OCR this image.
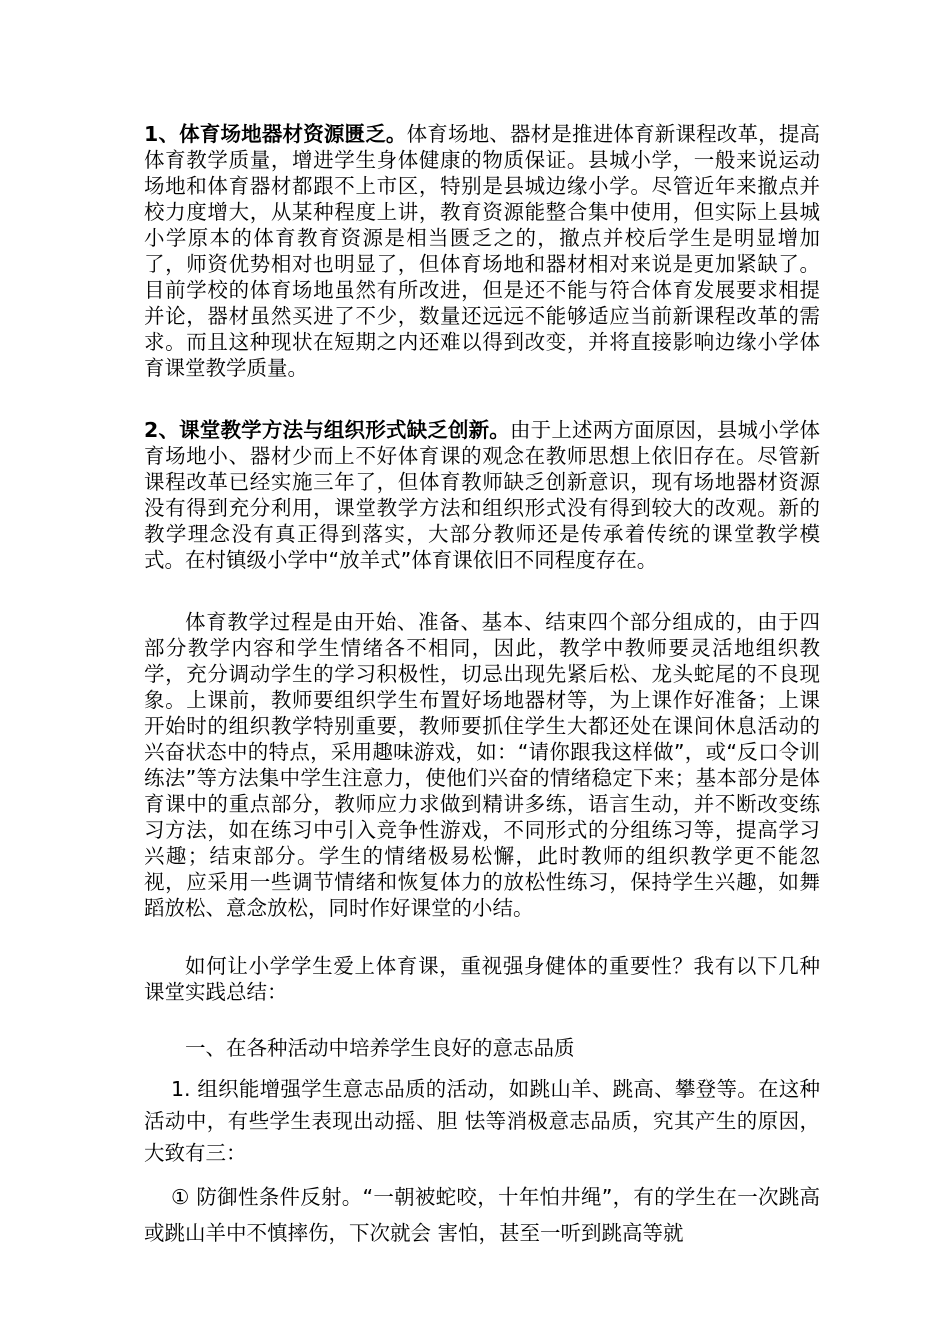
1、体育场地器材资源匮乏。体育场地、器材是推进体育新课程改革，提高体育教学质量，增进学生身体健康的物质保证。县城小学，一般来说运动场地和体育器材都跟不上市区，特别是县城边缘小学。尽管近年来撤点并校力度增大，从某种程度上讲，教育资源能整合集中使用，但实际上县城小学原本的体育教育资源是相当匮乏之的，撤点并校后学生是明显增加了，师资优势相对也明显了，但体育场地和器材相对来说是更加紧缺了。目前学校的体育场地虽然有所改进，但是还不能与符合体育发展要求相提并论，器材虽然买进了不少，数量还远远不能够适应当前新课程改革的需求。而且这种现状在短期之内还难以得到改变，并将直接影响边缘小学体育课堂教学质量。

2、课堂教学方法与组织形式缺乏创新。由于上述两方面原因，县城小学体育场地小、器材少而上不好体育课的观念在教师思想上依旧存在。尽管新课程改革已经实施三年了，但体育教师缺乏创新意识，现有场地器材资源没有得到充分利用，课堂教学方法和组织形式没有得到较大的改观。新的教学理念没有真正得到落实，大部分教师还是传承着传统的课堂教学模式。在村镇级小学中“放羊式”体育课依旧不同程度存在。

体育教学过程是由开始、准备、基本、结束四个部分组成的，由于四部分教学内容和学生情绪各不相同，因此，教学中教师要灵活地组织教学，充分调动学生的学习积极性，切忌出现先紧后松、龙头蛇尾的不良现象。上课前，教师要组织学生布置好场地器材等，为上课作好准备；上课开始时的组织教学特别重要，教师要抓住学生大都还处在课间休息活动的兴奋状态中的特点，采用趣味游戏，如：“请你跟我这样做”，或“反口令训练法”等方法集中学生注意力，使他们兴奋的情绪稳定下来；基本部分是体育课中的重点部分，教师应力求做到精讲多练，语言生动，并不断改变练习方法，如在练习中引入竞争性游戏，不同形式的分组练习等，提高学习兴趣；结束部分。学生的情绪极易松懈，此时教师的组织教学更不能忽视，应采用一些调节情绪和恢复体力的放松性练习，保持学生兴趣，如舞蹈放松、意念放松，同时作好课堂的小结。

如何让小学学生爱上体育课，重视强身健体的重要性？我有以下几种课堂实践总结：

一、在各种活动中培养学生良好的意志品质

1. 组织能增强学生意志品质的活动，如跳山羊、跳高、攀登等。在这种活动中，有些学生表现出动摇、胆 怯等消极意志品质，究其产生的原因，大致有三：

① 防御性条件反射。“一朝被蛇咬，十年怕井绳”，有的学生在一次跳高或跳山羊中不慎摔伤，下次就会 害怕，甚至一听到跳高等就
